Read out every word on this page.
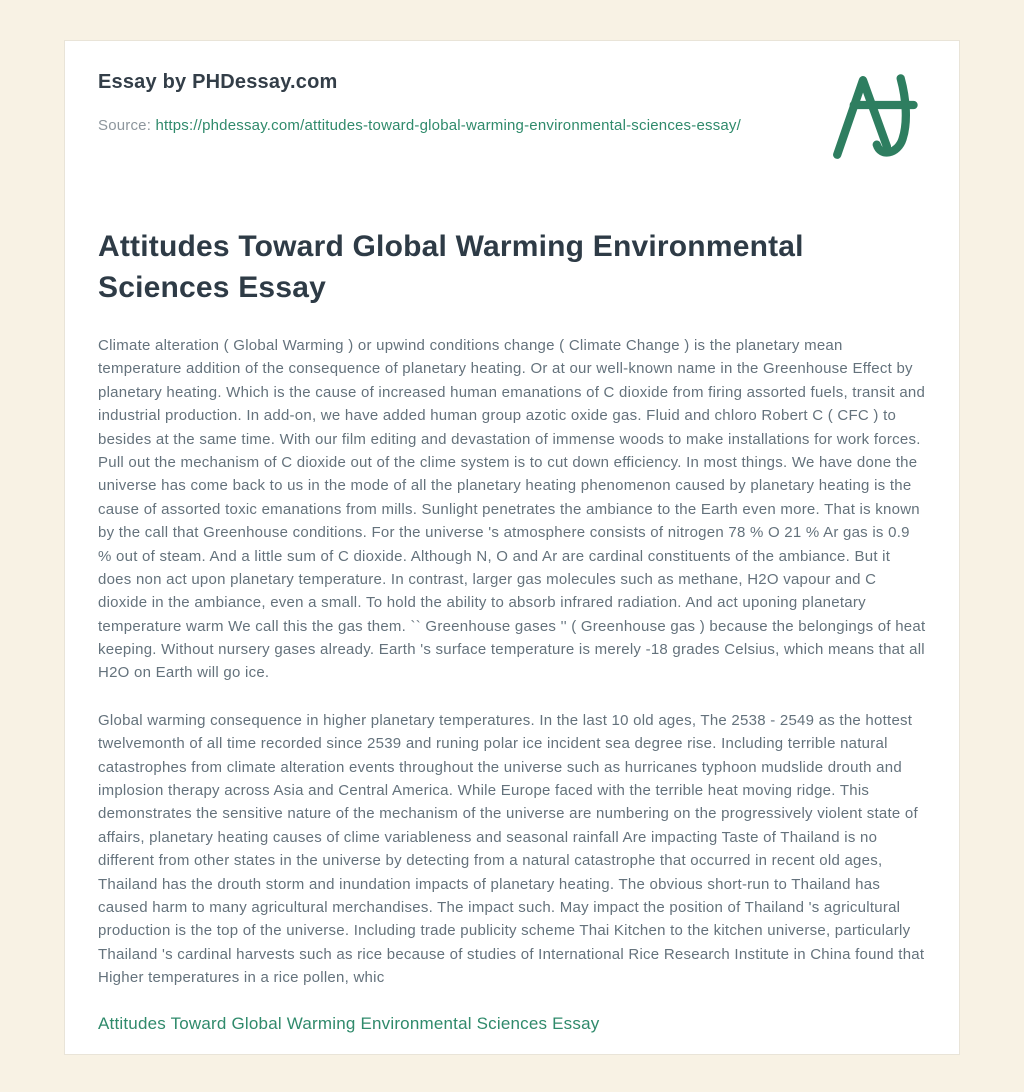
Essay by PHDessay.com

Source: https://phdessay.com/attitudes-toward-global-warming-environmental-sciences-essay/

Attitudes Toward Global Warming Environmental Sciences Essay

Climate alteration ( Global Warming ) or upwind conditions change ( Climate Change ) is the planetary mean temperature addition of the consequence of planetary heating. Or at our well-known name in the Greenhouse Effect by planetary heating. Which is the cause of increased human emanations of C dioxide from firing assorted fuels, transit and industrial production. In add-on, we have added human group azotic oxide gas. Fluid and chloro Robert C ( CFC ) to besides at the same time. With our film editing and devastation of immense woods to make installations for work forces. Pull out the mechanism of C dioxide out of the clime system is to cut down efficiency. In most things. We have done the universe has come back to us in the mode of all the planetary heating phenomenon caused by planetary heating is the cause of assorted toxic emanations from mills. Sunlight penetrates the ambiance to the Earth even more. That is known by the call that Greenhouse conditions. For the universe 's atmosphere consists of nitrogen 78 % O 21 % Ar gas is 0.9 % out of steam. And a little sum of C dioxide. Although N, O and Ar are cardinal constituents of the ambiance. But it does non act upon planetary temperature. In contrast, larger gas molecules such as methane, H2O vapour and C dioxide in the ambiance, even a small. To hold the ability to absorb infrared radiation. And act uponing planetary temperature warm We call this the gas them. `` Greenhouse gases '' ( Greenhouse gas ) because the belongings of heat keeping. Without nursery gases already. Earth 's surface temperature is merely -18 grades Celsius, which means that all H2O on Earth will go ice.

Global warming consequence in higher planetary temperatures. In the last 10 old ages, The 2538 - 2549 as the hottest twelvemonth of all time recorded since 2539 and runing polar ice incident sea degree rise. Including terrible natural catastrophes from climate alteration events throughout the universe such as hurricanes typhoon mudslide drouth and implosion therapy across Asia and Central America. While Europe faced with the terrible heat moving ridge. This demonstrates the sensitive nature of the mechanism of the universe are numbering on the progressively violent state of affairs, planetary heating causes of clime variableness and seasonal rainfall Are impacting Taste of Thailand is no different from other states in the universe by detecting from a natural catastrophe that occurred in recent old ages, Thailand has the drouth storm and inundation impacts of planetary heating. The obvious short-run to Thailand has caused harm to many agricultural merchandises. The impact such. May impact the position of Thailand 's agricultural production is the top of the universe. Including trade publicity scheme Thai Kitchen to the kitchen universe, particularly Thailand 's cardinal harvests such as rice because of studies of International Rice Research Institute in China found that Higher temperatures in a rice pollen, whic

Attitudes Toward Global Warming Environmental Sciences Essay
